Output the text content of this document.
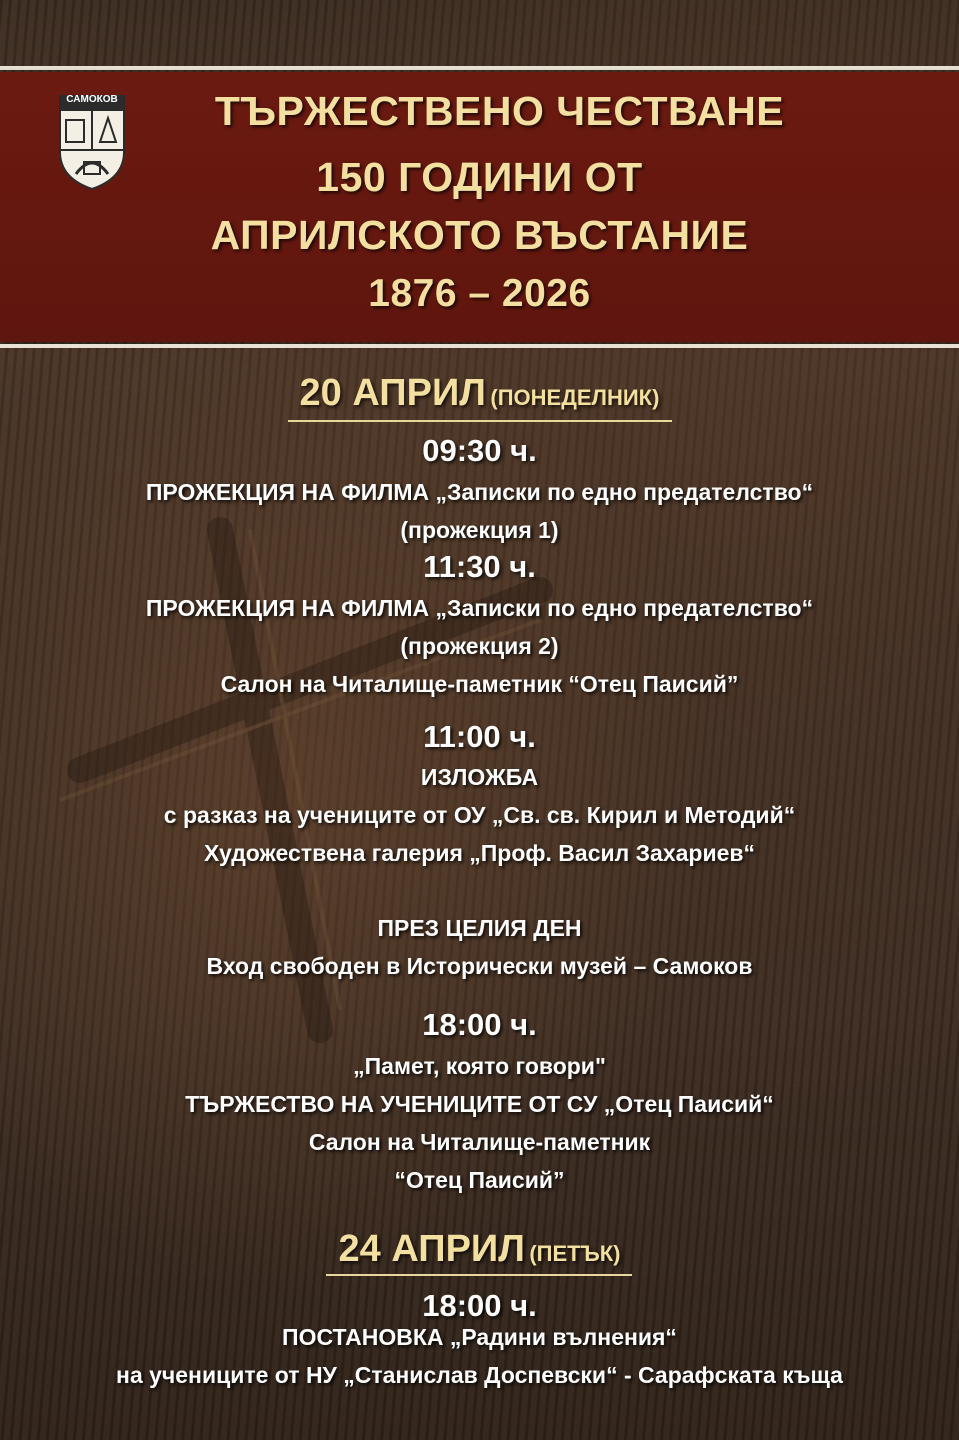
САМОКОВ	ТЪРЖЕСТВЕНО ЧЕСТВАНЕ
150 ГОДИНИ ОТ
АПРИЛСКОТО ВЪСТАНИЕ
1876 – 2026
20 АПРИЛ (ПОНЕДЕЛНИК)
09:30 ч.
ПРОЖЕКЦИЯ НА ФИЛМА „Записки по едно предателство“
(прожекция 1)
11:30 ч.
ПРОЖЕКЦИЯ НА ФИЛМА „Записки по едно предателство“
(прожекция 2)
Салон на Читалище-паметник “Отец Паисий”
11:00 ч.
ИЗЛОЖБА
с разказ на учениците от ОУ „Св. св. Кирил и Методий“
Художествена галерия „Проф. Васил Захариев“
ПРЕЗ ЦЕЛИЯ ДЕН
Вход свободен в Исторически музей – Самоков
18:00 ч.
„Памет, която говори"
ТЪРЖЕСТВО НА УЧЕНИЦИТЕ ОТ СУ „Отец Паисий“
Салон на Читалище-паметник
“Отец Паисий”
24 АПРИЛ (ПЕТЪК)
18:00 ч.
ПОСТАНОВКА „Радини вълнения“
на учениците от НУ „Станислав Доспевски“ - Сарафската къща
